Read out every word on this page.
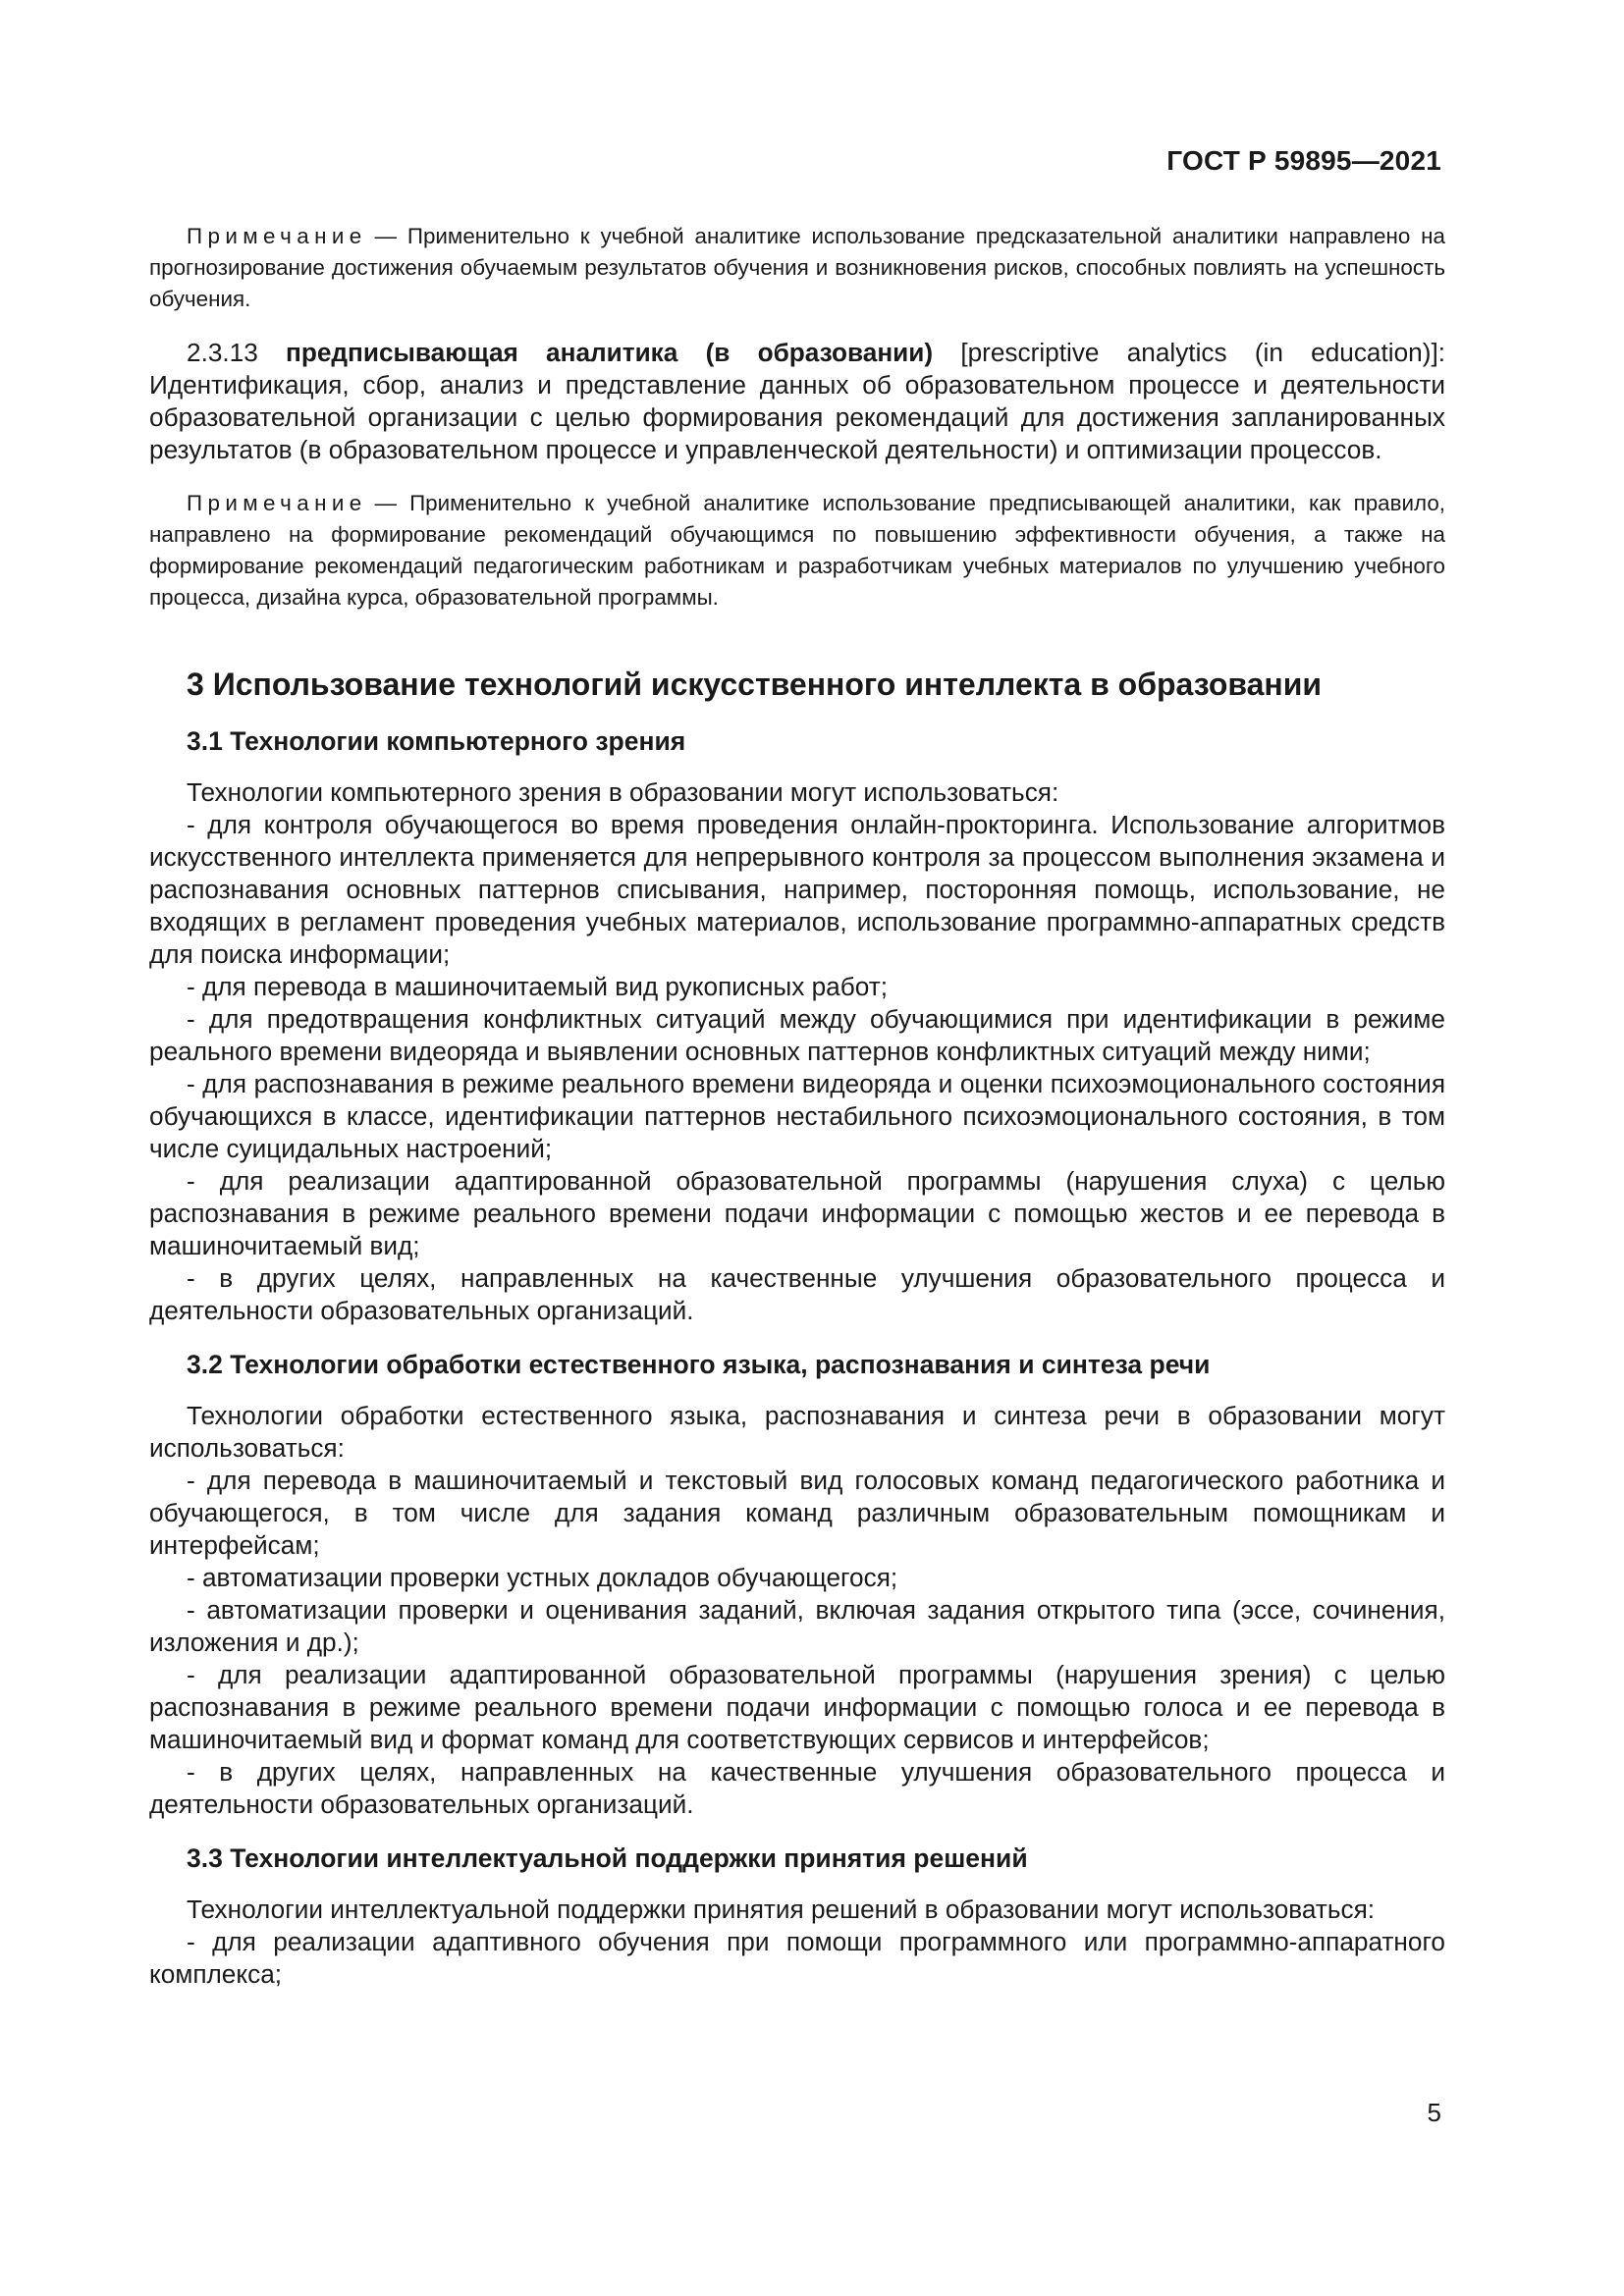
ГОСТ Р 59895—2021

Примечание — Применительно к учебной аналитике использование предсказательной аналитики направлено на прогнозирование достижения обучаемым результатов обучения и возникновения рисков, способных повлиять на успешность обучения.

2.3.13 предписывающая аналитика (в образовании) [prescriptive analytics (in education)]: Идентификация, сбор, анализ и представление данных об образовательном процессе и деятельности образовательной организации с целью формирования рекомендаций для достижения запланированных результатов (в образовательном процессе и управленческой деятельности) и оптимизации процессов.

Примечание — Применительно к учебной аналитике использование предписывающей аналитики, как правило, направлено на формирование рекомендаций обучающимся по повышению эффективности обучения, а также на формирование рекомендаций педагогическим работникам и разработчикам учебных материалов по улучшению учебного процесса, дизайна курса, образовательной программы.

3 Использование технологий искусственного интеллекта в образовании
3.1 Технологии компьютерного зрения

Технологии компьютерного зрения в образовании могут использоваться:

- для контроля обучающегося во время проведения онлайн-прокторинга. Использование алгоритмов искусственного интеллекта применяется для непрерывного контроля за процессом выполнения экзамена и распознавания основных паттернов списывания, например, посторонняя помощь, использование, не входящих в регламент проведения учебных материалов, использование программно-аппаратных средств для поиска информации;

- для перевода в машиночитаемый вид рукописных работ;

- для предотвращения конфликтных ситуаций между обучающимися при идентификации в режиме реального времени видеоряда и выявлении основных паттернов конфликтных ситуаций между ними;

- для распознавания в режиме реального времени видеоряда и оценки психоэмоционального состояния обучающихся в классе, идентификации паттернов нестабильного психоэмоционального состояния, в том числе суицидальных настроений;

- для реализации адаптированной образовательной программы (нарушения слуха) с целью распознавания в режиме реального времени подачи информации с помощью жестов и ее перевода в машиночитаемый вид;

- в других целях, направленных на качественные улучшения образовательного процесса и деятельности образовательных организаций.

3.2 Технологии обработки естественного языка, распознавания и синтеза речи

Технологии обработки естественного языка, распознавания и синтеза речи в образовании могут использоваться:

- для перевода в машиночитаемый и текстовый вид голосовых команд педагогического работника и обучающегося, в том числе для задания команд различным образовательным помощникам и интерфейсам;

- автоматизации проверки устных докладов обучающегося;

- автоматизации проверки и оценивания заданий, включая задания открытого типа (эссе, сочинения, изложения и др.);

- для реализации адаптированной образовательной программы (нарушения зрения) с целью распознавания в режиме реального времени подачи информации с помощью голоса и ее перевода в машиночитаемый вид и формат команд для соответствующих сервисов и интерфейсов;

- в других целях, направленных на качественные улучшения образовательного процесса и деятельности образовательных организаций.

3.3 Технологии интеллектуальной поддержки принятия решений

Технологии интеллектуальной поддержки принятия решений в образовании могут использоваться:

- для реализации адаптивного обучения при помощи программного или программно-аппаратного комплекса;

5
